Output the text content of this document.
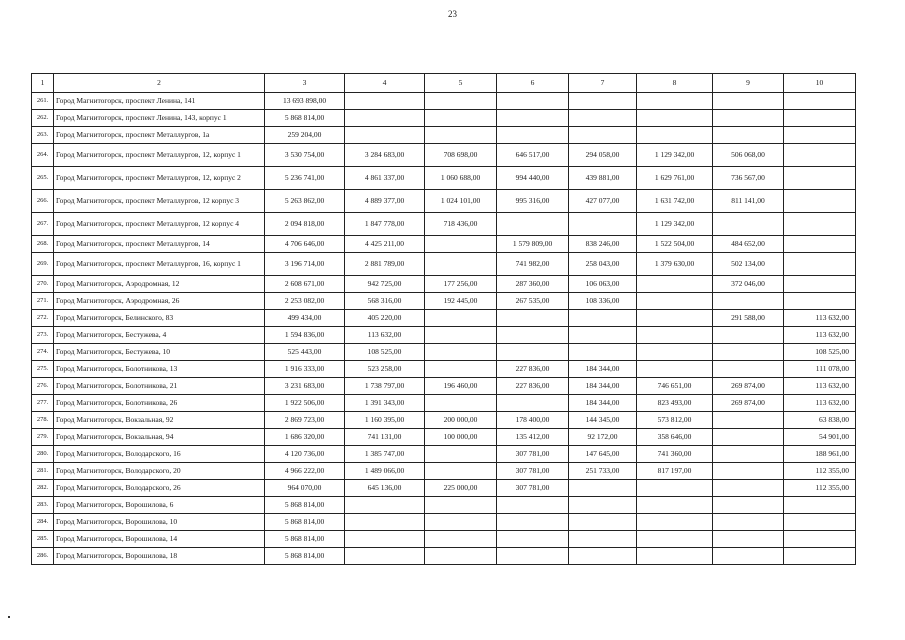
23
1	2	3	4	5	6	7	8	9	10
261.	Город Магнитогорск, проспект Ленина, 141	13 693 898,00							
262.	Город Магнитогорск, проспект Ленина, 143, корпус 1	5 868 814,00							
263.	Город Магнитогорск, проспект Металлургов, 1а	259 204,00							
264.	Город Магнитогорск, проспект Металлургов, 12, корпус 1	3 530 754,00	3 284 683,00	708 698,00	646 517,00	294 058,00	1 129 342,00	506 068,00	
265.	Город Магнитогорск, проспект Металлургов, 12, корпус 2	5 236 741,00	4 861 337,00	1 060 688,00	994 440,00	439 881,00	1 629 761,00	736 567,00	
266.	Город Магнитогорск, проспект Металлургов, 12 корпус 3	5 263 862,00	4 889 377,00	1 024 101,00	995 316,00	427 077,00	1 631 742,00	811 141,00	
267.	Город Магнитогорск, проспект Металлургов, 12 корпус 4	2 094 818,00	1 847 778,00	718 436,00			1 129 342,00		
268.	Город Магнитогорск, проспект Металлургов, 14	4 706 646,00	4 425 211,00		1 579 809,00	838 246,00	1 522 504,00	484 652,00	
269.	Город Магнитогорск, проспект Металлургов, 16, корпус 1	3 196 714,00	2 881 789,00		741 982,00	258 043,00	1 379 630,00	502 134,00	
270.	Город Магнитогорск, Аэродромная, 12	2 608 671,00	942 725,00	177 256,00	287 360,00	106 063,00		372 046,00	
271.	Город Магнитогорск, Аэродромная, 26	2 253 082,00	568 316,00	192 445,00	267 535,00	108 336,00			
272.	Город Магнитогорск, Белинского, 83	499 434,00	405 220,00					291 588,00	113 632,00
273.	Город Магнитогорск, Бестужева, 4	1 594 836,00	113 632,00						113 632,00
274.	Город Магнитогорск, Бестужева, 10	525 443,00	108 525,00						108 525,00
275.	Город Магнитогорск, Болотникова, 13	1 916 333,00	523 258,00		227 836,00	184 344,00			111 078,00
276.	Город Магнитогорск, Болотникова, 21	3 231 683,00	1 738 797,00	196 460,00	227 836,00	184 344,00	746 651,00	269 874,00	113 632,00
277.	Город Магнитогорск, Болотникова, 26	1 922 506,00	1 391 343,00			184 344,00	823 493,00	269 874,00	113 632,00
278.	Город Магнитогорск, Вокзальная, 92	2 869 723,00	1 160 395,00	200 000,00	178 400,00	144 345,00	573 812,00		63 838,00
279.	Город Магнитогорск, Вокзальная, 94	1 686 320,00	741 131,00	100 000,00	135 412,00	92 172,00	358 646,00		54 901,00
280.	Город Магнитогорск, Володарского, 16	4 120 736,00	1 385 747,00		307 781,00	147 645,00	741 360,00		188 961,00
281.	Город Магнитогорск, Володарского, 20	4 966 222,00	1 489 066,00		307 781,00	251 733,00	817 197,00		112 355,00
282.	Город Магнитогорск, Володарского, 26	964 070,00	645 136,00	225 000,00	307 781,00				112 355,00
283.	Город Магнитогорск, Ворошилова, 6	5 868 814,00							
284.	Город Магнитогорск, Ворошилова, 10	5 868 814,00							
285.	Город Магнитогорск, Ворошилова, 14	5 868 814,00							
286.	Город Магнитогорск, Ворошилова, 18	5 868 814,00							
